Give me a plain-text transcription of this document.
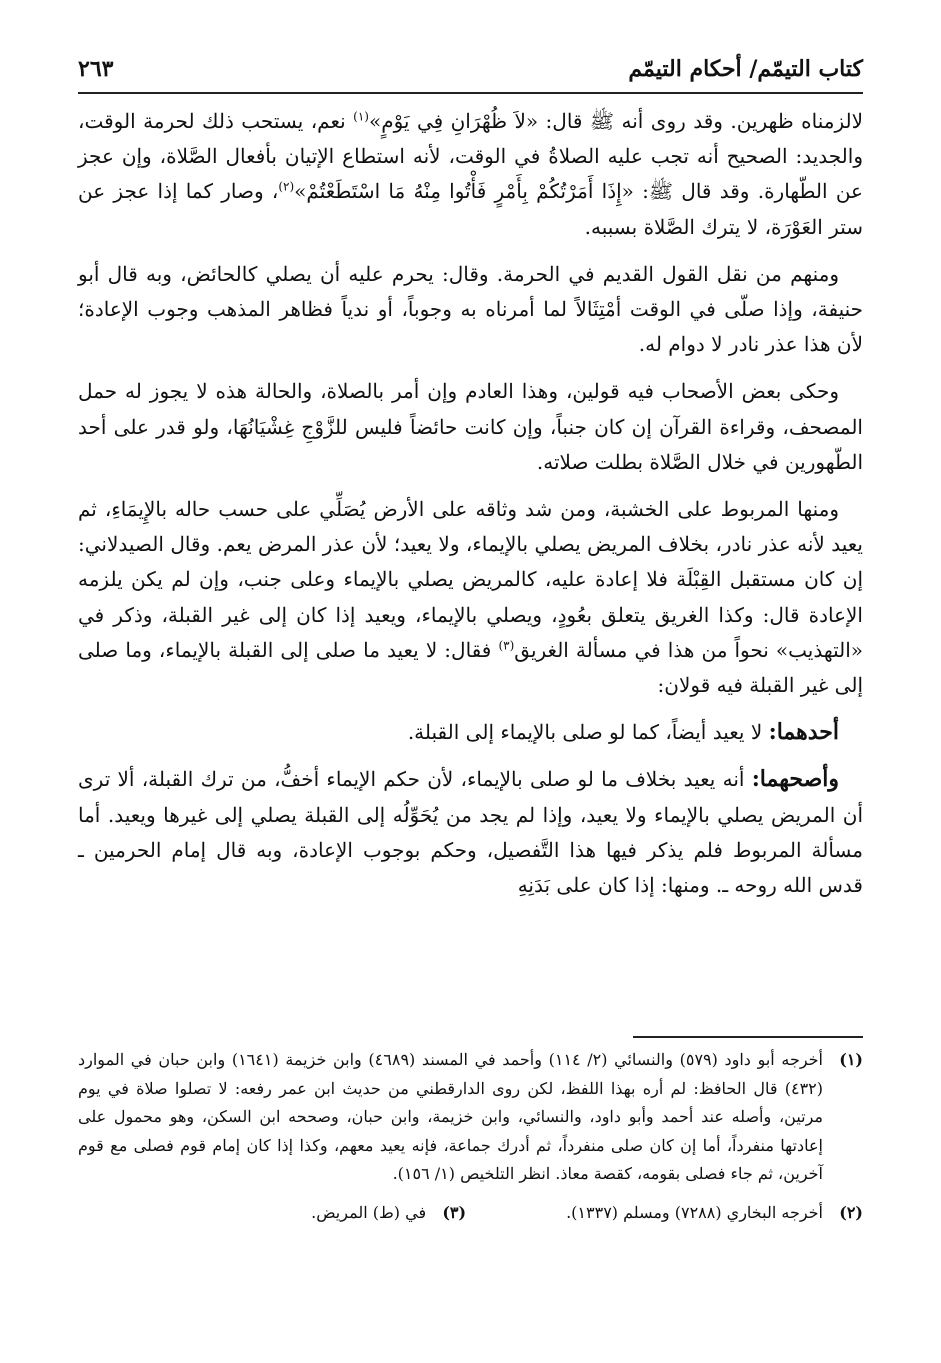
كتاب التيمّم/ أحكام التيمّم
٢٦٣

لالزمناه ظهرين. وقد روى أنه ﷺ قال: «لاَ ظُهْرَانِ فِي يَوْمٍ»$^{(١)}$ نعم، يستحب ذلك لحرمة الوقت، والجديد: الصحيح أنه تجب عليه الصلاةُ في الوقت، لأنه استطاع الإتيان بأفعال الصَّلاة، وإن عجز عن الطّهارة. وقد قال ﷺ: «إِذَا أَمَرْتُكُمْ بِأَمْرٍ فَأْتُوا مِنْهُ مَا اسْتَطَعْتُمْ»$^{(٢)}$، وصار كما إذا عجز عن ستر العَوْرَة، لا يترك الصَّلاة بسببه.

ومنهم من نقل القول القديم في الحرمة. وقال: يحرم عليه أن يصلي كالحائض، وبه قال أبو حنيفة، وإذا صلّى في الوقت أمْتِثَالاً لما أمرناه به وجوباً، أو ندياً فظاهر المذهب وجوب الإعادة؛ لأن هذا عذر نادر لا دوام له.

وحكى بعض الأصحاب فيه قولين، وهذا العادم وإن أمر بالصلاة، والحالة هذه لا يجوز له حمل المصحف، وقراءة القرآن إن كان جنباً، وإن كانت حائضاً فليس للزَّوْجِ غِشْيَانُهَا، ولو قدر على أحد الطّهورين في خلال الصَّلاة بطلت صلاته.

ومنها المربوط على الخشبة، ومن شد وثاقه على الأرض يُصَلِّي على حسب حاله بالإِيمَاءِ، ثم يعيد لأنه عذر نادر، بخلاف المريض يصلي بالإيماء، ولا يعيد؛ لأن عذر المرض يعم. وقال الصيدلاني: إن كان مستقبل القِبْلَة فلا إعادة عليه، كالمريض يصلي بالإيماء وعلى جنب، وإن لم يكن يلزمه الإعادة قال: وكذا الغريق يتعلق بعُودٍ، ويصلي بالإيماء، ويعيد إذا كان إلى غير القبلة، وذكر في «التهذيب» نحواً من هذا في مسألة الغريق$^{(٣)}$ فقال: لا يعيد ما صلى إلى القبلة بالإيماء، وما صلى إلى غير القبلة فيه قولان:

أحدهما: لا يعيد أيضاً، كما لو صلى بالإيماء إلى القبلة.

وأصحهما: أنه يعيد بخلاف ما لو صلى بالإيماء، لأن حكم الإيماء أخفُّ، من ترك القبلة، ألا ترى أن المريض يصلي بالإيماء ولا يعيد، وإذا لم يجد من يُحَوِّلُه إلى القبلة يصلي إلى غيرها ويعيد. أما مسألة المربوط فلم يذكر فيها هذا التَّفصيل، وحكم بوجوب الإعادة، وبه قال إمام الحرمين ـ قدس الله روحه ـ. ومنها: إذا كان على بَدَنِهِ

(١)
أخرجه أبو داود (٥٧٩) والنسائي (٢/ ١١٤) وأحمد في المسند (٤٦٨٩) وابن خزيمة (١٦٤١) وابن حبان في الموارد (٤٣٢) قال الحافظ: لم أره بهذا اللفظ، لكن روى الدارقطني من حديث ابن عمر رفعه: لا تصلوا صلاة في يوم مرتين، وأصله عند أحمد وأبو داود، والنسائي، وابن خزيمة، وابن حبان، وصححه ابن السكن، وهو محمول على إعادتها منفرداً، أما إن كان صلى منفرداً، ثم أدرك جماعة، فإنه يعيد معهم، وكذا إذا كان إمام قوم فصلى مع قوم آخرين، ثم جاء فصلى بقومه، كقصة معاذ. انظر التلخيص (١/ ١٥٦).
(٢)
أخرجه البخاري (٧٢٨٨) ومسلم (١٣٣٧).
(٣)
في (ط) المريض.
